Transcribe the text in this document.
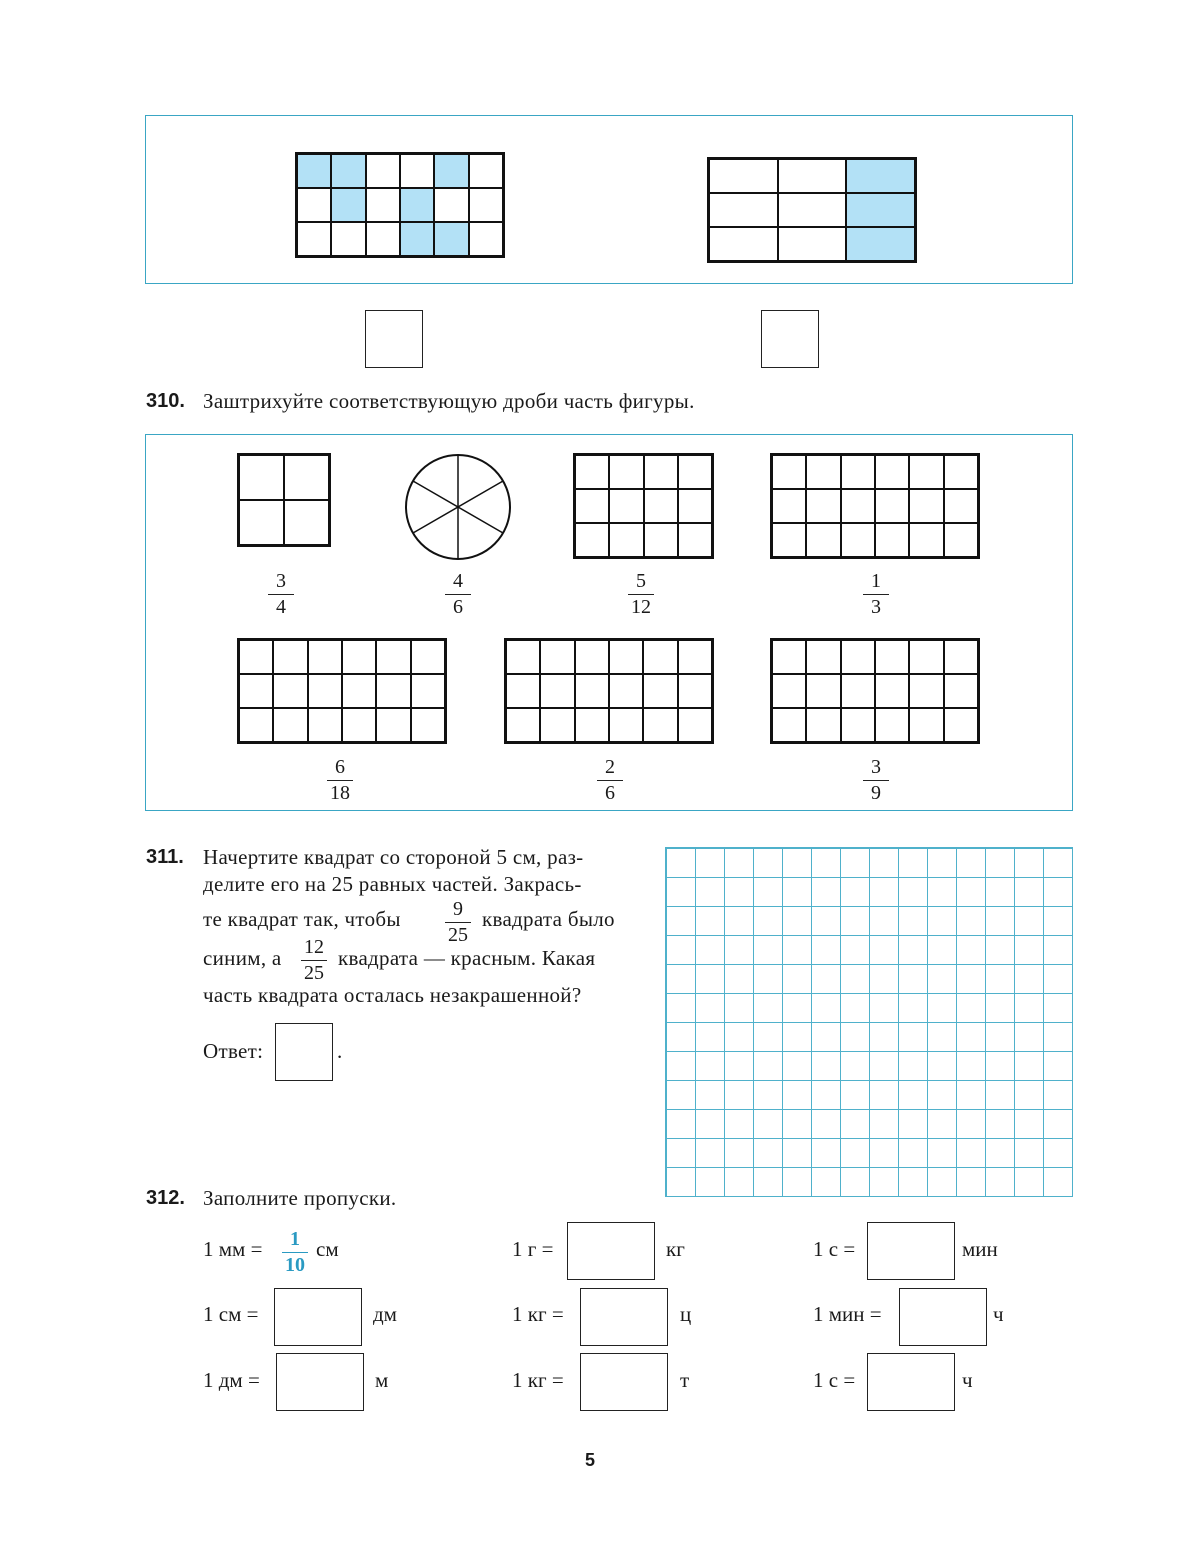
310. Заштрихуйте соответствующую дроби часть фигуры.
3
4
4
6
5
12
1
3
6
18
2
6
3
9
311. Начертите квадрат со стороной 5 см, раз-
делите его на 25 равных частей. Закрась-
те квадрат так, чтобы	9
25
квадрата было
синим, а 12
25
квадрата — красным. Какая
часть квадрата осталась незакрашенной?
Ответ:	.
312. Заполните пропуски.
1 мм = 1
10
см	1 г =	кг	1 с =	мин
1 см =	дм	1 кг =	ц	1 мин =	ч
1 дм =	м	1 кг =	т	1 с =	ч
5
